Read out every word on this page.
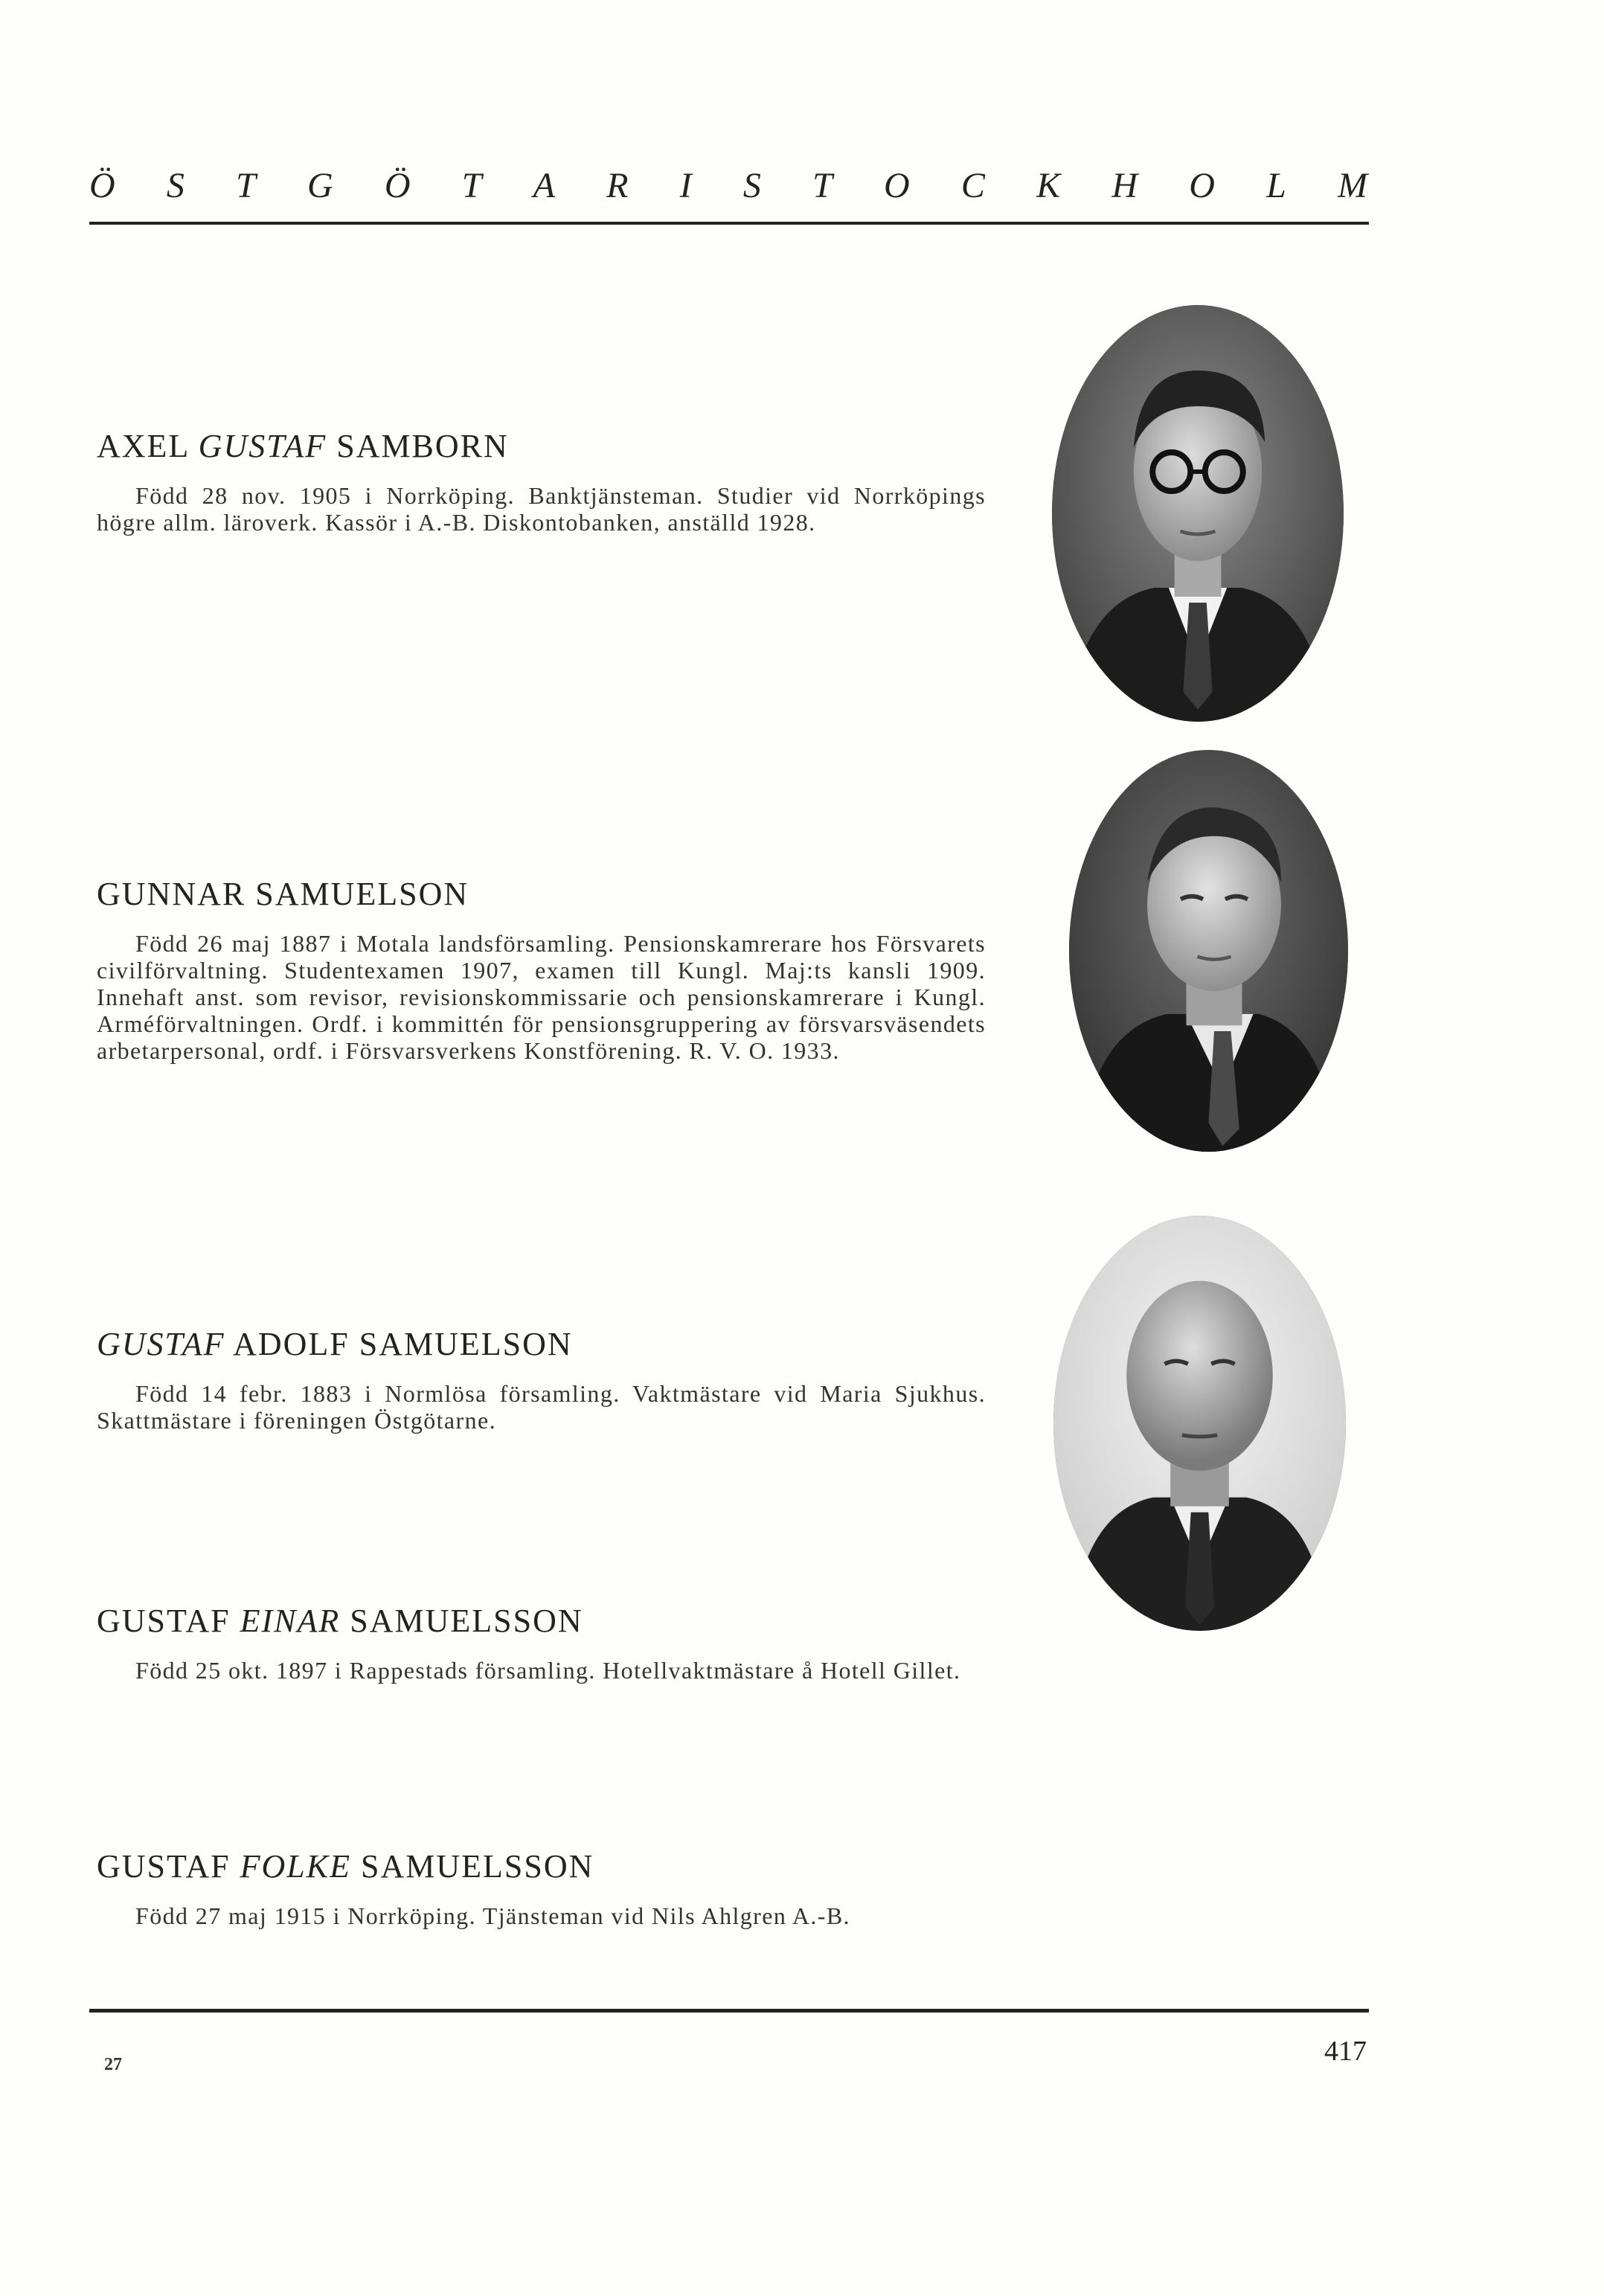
Ö S T G Ö T A R I S T O C K H O L M
AXEL GUSTAF SAMBORN
Född 28 nov. 1905 i Norrköping. Banktjänsteman. Studier vid Norrköpings högre allm. läroverk. Kassör i A.-B. Diskontobanken, anställd 1928.
GUNNAR SAMUELSON
Född 26 maj 1887 i Motala landsförsamling. Pensionskamrerare hos Försvarets civilförvaltning. Studentexamen 1907, examen till Kungl. Maj:ts kansli 1909. Innehaft anst. som revisor, revisionskommissarie och pensionskamrerare i Kungl. Arméförvaltningen. Ordf. i kommittén för pensionsgruppering av försvarsväsendets arbetarpersonal, ordf. i Försvarsverkens Konstförening. R. V. O. 1933.
GUSTAF ADOLF SAMUELSON
Född 14 febr. 1883 i Normlösa församling. Vaktmästare vid Maria Sjukhus. Skattmästare i föreningen Östgötarne.
GUSTAF EINAR SAMUELSSON
Född 25 okt. 1897 i Rappestads församling. Hotellvaktmästare å Hotell Gillet.
GUSTAF FOLKE SAMUELSSON
Född 27 maj 1915 i Norrköping. Tjänsteman vid Nils Ahlgren A.-B.
27	417
